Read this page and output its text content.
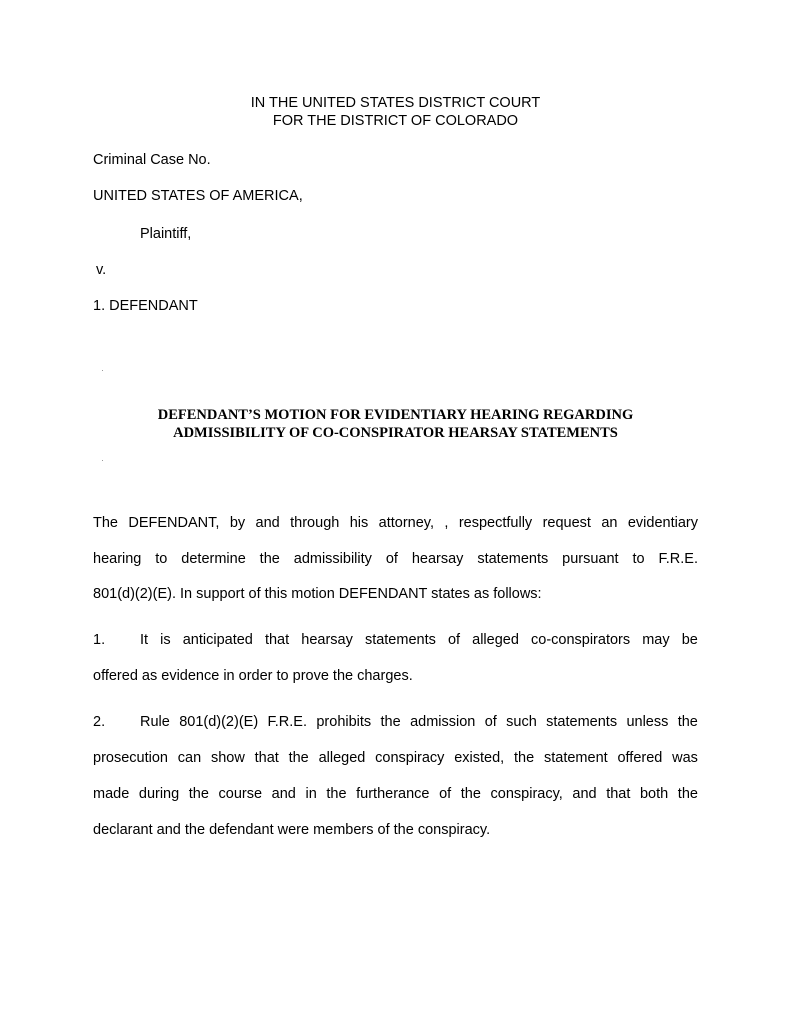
IN THE UNITED STATES DISTRICT COURT
FOR THE DISTRICT OF COLORADO
Criminal Case No.
UNITED STATES OF AMERICA,
Plaintiff,
v.
1. DEFENDANT
DEFENDANT’S MOTION FOR EVIDENTIARY HEARING REGARDING
ADMISSIBILITY OF CO-CONSPIRATOR HEARSAY STATEMENTS
The DEFENDANT, by and through his attorney, , respectfully request an evidentiary
hearing to determine the admissibility of hearsay statements pursuant to F.R.E.
801(d)(2)(E). In support of this motion DEFENDANT states as follows:
1. It is anticipated that hearsay statements of alleged co-conspirators may be
offered as evidence in order to prove the charges.
2. Rule 801(d)(2)(E) F.R.E. prohibits the admission of such statements unless the
prosecution can show that the alleged conspiracy existed, the statement offered was
made during the course and in the furtherance of the conspiracy, and that both the
declarant and the defendant were members of the conspiracy.
